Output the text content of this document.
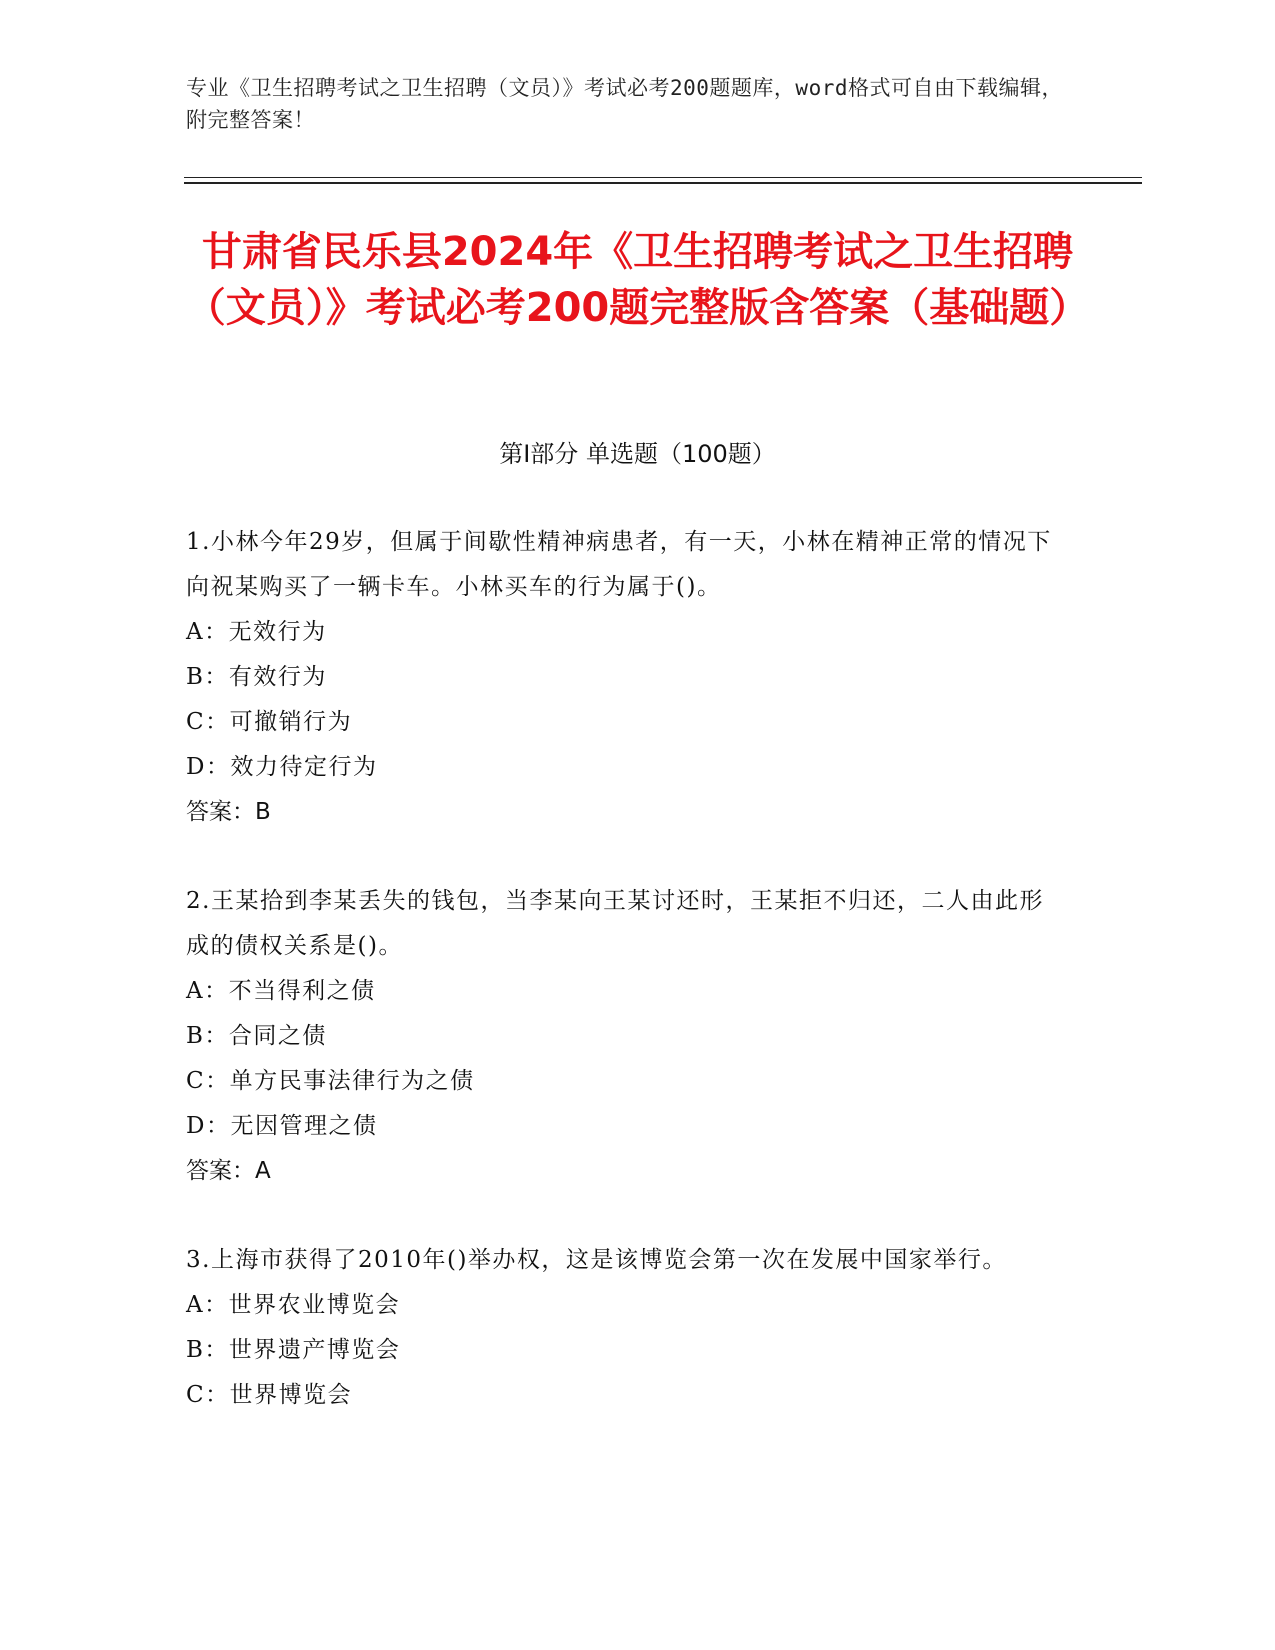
专业《卫生招聘考试之卫生招聘（文员）》考试必考200题题库，word格式可自由下载编辑，附完整答案！
甘肃省民乐县2024年《卫生招聘考试之卫生招聘（文员）》考试必考200题完整版含答案（基础题）
第Ⅰ部分 单选题（100题）
1.小林今年29岁，但属于间歇性精神病患者，有一天，小林在精神正常的情况下向祝某购买了一辆卡车。小林买车的行为属于()。
A：无效行为
B：有效行为
C：可撤销行为
D：效力待定行为
答案：B
2.王某拾到李某丢失的钱包，当李某向王某讨还时，王某拒不归还，二人由此形成的债权关系是()。
A：不当得利之债
B：合同之债
C：单方民事法律行为之债
D：无因管理之债
答案：A
3.上海市获得了2010年()举办权，这是该博览会第一次在发展中国家举行。
A：世界农业博览会
B：世界遗产博览会
C：世界博览会
